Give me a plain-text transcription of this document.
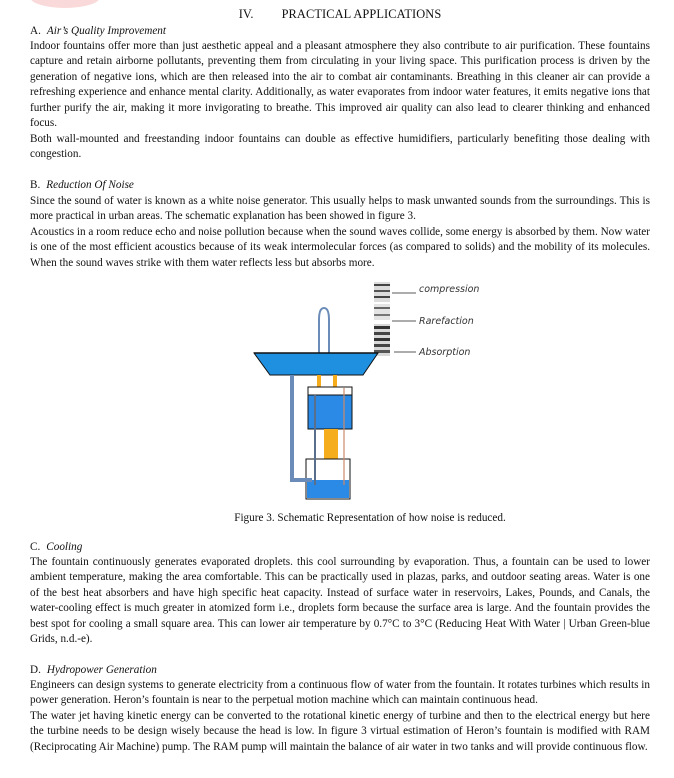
IV. PRACTICAL APPLICATIONS
A. Air’s Quality Improvement

Indoor fountains offer more than just aesthetic appeal and a pleasant atmosphere they also contribute to air purification. These fountains capture and retain airborne pollutants, preventing them from circulating in your living space. This purification process is driven by the generation of negative ions, which are then released into the air to combat air contaminants. Breathing in this cleaner air can provide a refreshing experience and enhance mental clarity. Additionally, as water evaporates from indoor water features, it emits negative ions that further purify the air, making it more invigorating to breathe. This improved air quality can also lead to clearer thinking and enhanced focus.

Both wall-mounted and freestanding indoor fountains can double as effective humidifiers, particularly benefiting those dealing with congestion.

B. Reduction Of Noise

Since the sound of water is known as a white noise generator. This usually helps to mask unwanted sounds from the surroundings. This is more practical in urban areas. The schematic explanation has been showed in figure 3.

Acoustics in a room reduce echo and noise pollution because when the sound waves collide, some energy is absorbed by them. Now water is one of the most efficient acoustics because of its weak intermolecular forces (as compared to solids) and the mobility of its molecules. When the sound waves strike with them water reflects less but absorbs more.

compression
Rarefaction
Absorption
Figure 3. Schematic Representation of how noise is reduced.
C. Cooling

The fountain continuously generates evaporated droplets. this cool surrounding by evaporation. Thus, a fountain can be used to lower ambient temperature, making the area comfortable. This can be practically used in plazas, parks, and outdoor seating areas. Water is one of the best heat absorbers and have high specific heat capacity. Instead of surface water in reservoirs, Lakes, Pounds, and Canals, the water-cooling effect is much greater in atomized form i.e., droplets form because the surface area is large. And the fountain provides the best spot for cooling a small square area. This can lower air temperature by 0.7°C to 3°C (Reducing Heat With Water | Urban Green-blue Grids, n.d.-e).

D. Hydropower Generation

Engineers can design systems to generate electricity from a continuous flow of water from the fountain. It rotates turbines which results in power generation. Heron’s fountain is near to the perpetual motion machine which can maintain continuous head.

The water jet having kinetic energy can be converted to the rotational kinetic energy of turbine and then to the electrical energy but here the turbine needs to be design wisely because the head is low. In figure 3 virtual estimation of Heron’s fountain is modified with RAM (Reciprocating Air Machine) pump. The RAM pump will maintain the balance of air water in two tanks and will provide continuous flow.
